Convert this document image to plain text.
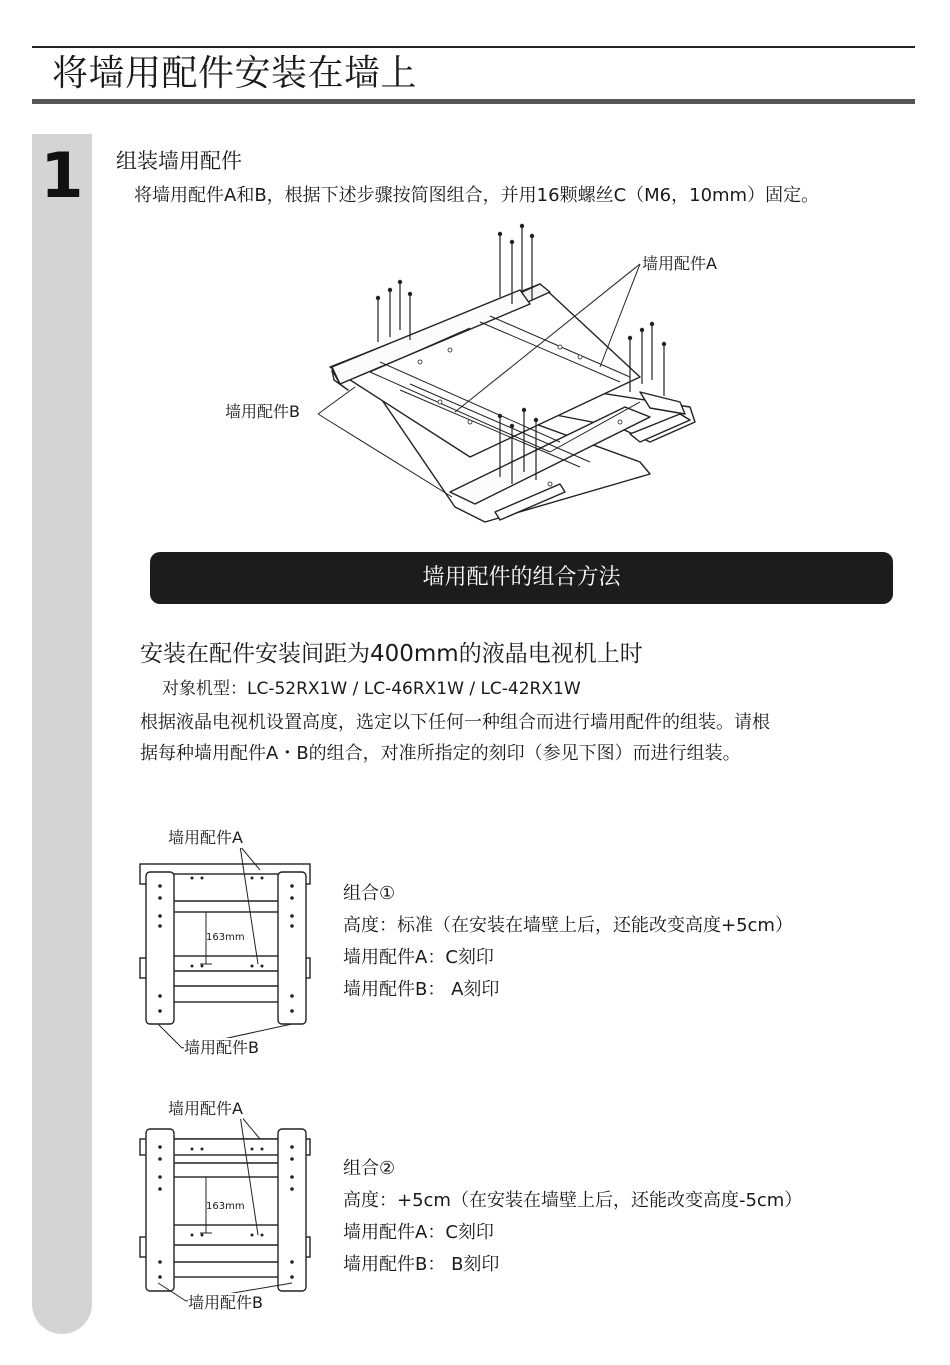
将墙用配件安装在墙上
1 组装墙用配件
将墙用配件A和B，根据下述步骤按简图组合，并用16颗螺丝C（M6，10mm）固定。
墙用配件A
墙用配件B
墙用配件的组合方法
安装在配件安装间距为400mm的液晶电视机上时
对象机型：LC-52RX1W / LC-46RX1W / LC-42RX1W
根据液晶电视机设置高度，选定以下任何一种组合而进行墙用配件的组装。请根
据每种墙用配件A・B的组合，对准所指定的刻印（参见下图）而进行组装。
墙用配件A
163mm
墙用配件B
组合①
高度：标准（在安装在墙壁上后，还能改变高度+5cm）
墙用配件A：C刻印
墙用配件B： A刻印
墙用配件A
163mm
墙用配件B
组合②
高度：+5cm（在安装在墙壁上后，还能改变高度-5cm）
墙用配件A：C刻印
墙用配件B： B刻印
